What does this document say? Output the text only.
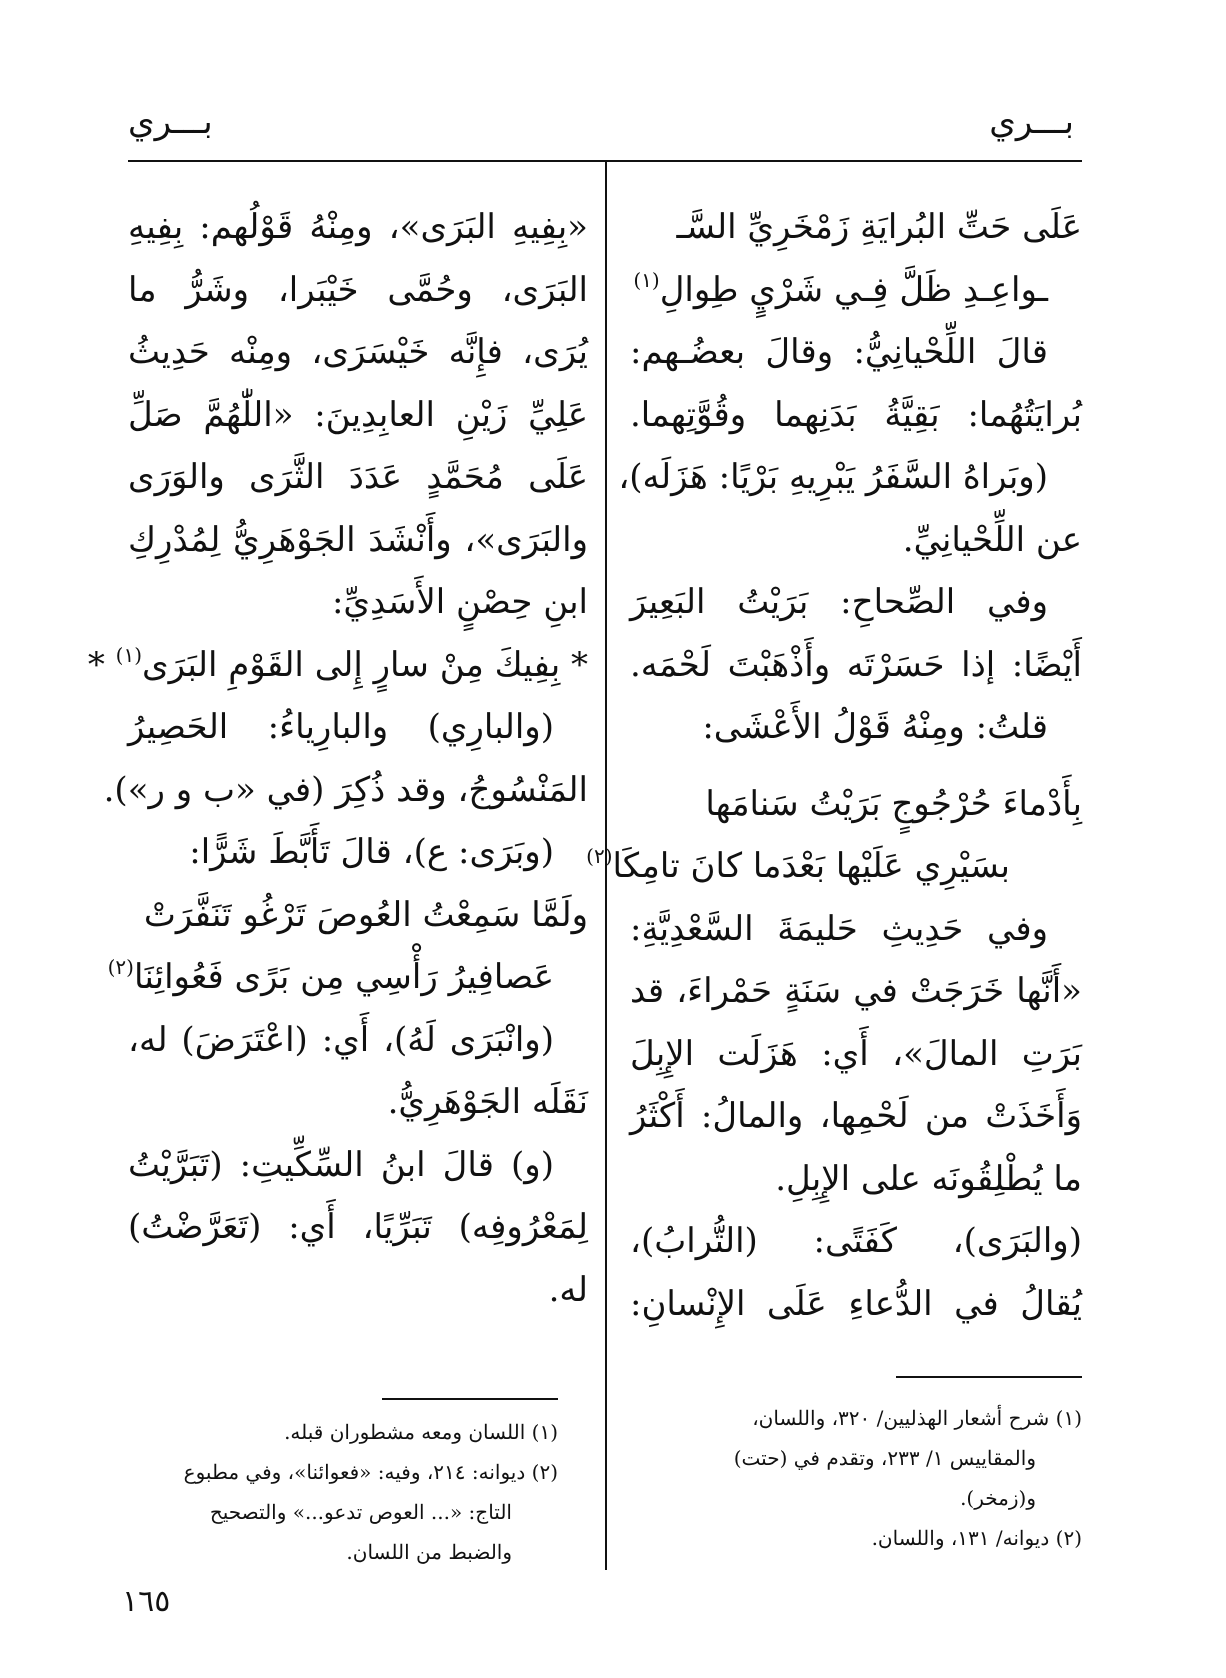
بـــري
بـــري
عَلَى حَتِّ البُرايَةِ زَمْخَرِيِّ السَّـ
ـواعِـدِ ظَلَّ فِـي شَرْيٍ طِوالِ$^{(١)}$
قالَ اللِّحْيانِيُّ: وقالَ بعضُـهم:
بُرايَتُهُما: بَقِيَّةُ بَدَنِهما وقُوَّتِهما.
(وبَراهُ السَّفَرُ يَبْرِيهِ بَرْيًا: هَزَلَه)،
عن اللِّحْيانِيِّ.
وفي الصِّحاحِ: بَرَيْتُ البَعِيرَ
أَيْضًا: إذا حَسَرْتَه وأَذْهَبْتَ لَحْمَه.
قلتُ: ومِنْهُ قَوْلُ الأَعْشَى:
بِأَدْماءَ حُرْجُوجٍ بَرَيْتُ سَنامَها
بسَيْرِي عَلَيْها بَعْدَما كانَ تامِكَا$^{(٢)}$
وفي حَدِيثِ حَليمَةَ السَّعْدِيَّةِ:
«أَنَّها خَرَجَتْ في سَنَةٍ حَمْراءَ، قد
بَرَتِ المالَ»، أَي: هَزَلَت الإِبِلَ
وَأَخَذَتْ من لَحْمِها، والمالُ: أَكْثَرُ
ما يُطْلِقُونَه على الإِبِلِ.
(والبَرَى)، كَفَتًى: (التُّرابُ)،
يُقالُ في الدُّعاءِ عَلَى الإِنْسانِ:
«بِفِيهِ البَرَى»، ومِنْهُ قَوْلُهم: بِفِيهِ
البَرَى، وحُمَّى خَيْبَرا، وشَرُّ ما
يُرَى، فإِنَّه خَيْسَرَى، ومِنْه حَدِيثُ
عَلِيِّ زَيْنِ العابِدِينَ: «اللّٰهُمَّ صَلِّ
عَلَى مُحَمَّدٍ عَدَدَ الثَّرَى والوَرَى
والبَرَى»، وأَنْشَدَ الجَوْهَرِيُّ لِمُدْرِكِ
ابنِ حِصْنٍ الأَسَدِيِّ:
* بِفِيكَ مِنْ سارٍ إِلى القَوْمِ البَرَى$^{(١)}$ *
(والبارِي) والبارِياءُ: الحَصِيرُ
المَنْسُوجُ، وقد ذُكِرَ (في «ب و ر»).
(وبَرَى: ع)، قالَ تَأَبَّطَ شَرًّا:
ولَمَّا سَمِعْتُ العُوصَ تَرْغُو تَنَفَّرَتْ
عَصافِيرُ رَأْسِي مِن بَرًى فَعُوائِنَا$^{(٢)}$
(وانْبَرَى لَهُ)، أَي: (اعْتَرَضَ) له،
نَقَلَه الجَوْهَرِيُّ.
(و) قالَ ابنُ السِّكِّيتِ: (تَبَرَّيْتُ
لِمَعْرُوفِه) تَبَرِّيًا، أَي: (تَعَرَّضْتُ)
له.
(١) شرح أشعار الهذليين/ ٣٢٠، واللسان،
والمقاييس ١/ ٢٣٣، وتقدم في (حتت)
و(زمخر).
(٢) ديوانه/ ١٣١، واللسان.
(١) اللسان ومعه مشطوران قبله.
(٢) ديوانه: ٢١٤، وفيه: «فعوائنا»، وفي مطبوع
التاج: «... العوص تدعو...» والتصحيح
والضبط من اللسان.
١٦٥
